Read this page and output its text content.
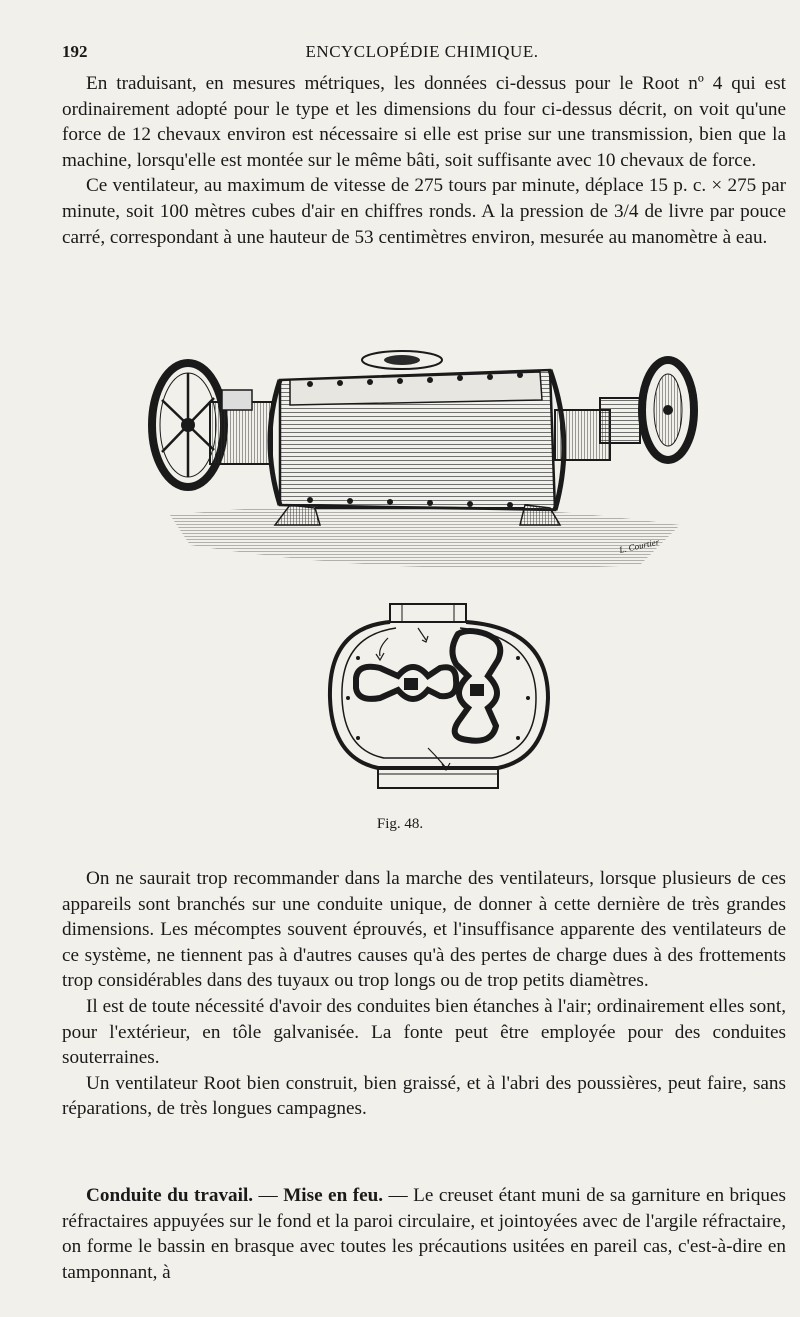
192	ENCYCLOPÉDIE CHIMIQUE.

En traduisant, en mesures métriques, les données ci-dessus pour le Root nº 4 qui est ordinairement adopté pour le type et les dimensions du four ci-dessus décrit, on voit qu'une force de 12 chevaux environ est nécessaire si elle est prise sur une transmission, bien que la machine, lorsqu'elle est montée sur le même bâti, soit suffisante avec 10 chevaux de force.

Ce ventilateur, au maximum de vitesse de 275 tours par minute, déplace 15 p. c. × 275 par minute, soit 100 mètres cubes d'air en chiffres ronds. A la pression de 3/4 de livre par pouce carré, correspondant à une hauteur de 53 centimètres environ, mesurée au manomètre à eau.

L. Courtier
Fig. 48.

On ne saurait trop recommander dans la marche des ventilateurs, lorsque plusieurs de ces appareils sont branchés sur une conduite unique, de donner à cette dernière de très grandes dimensions. Les mécomptes souvent éprouvés, et l'insuffisance apparente des ventilateurs de ce système, ne tiennent pas à d'autres causes qu'à des pertes de charge dues à des frottements trop considérables dans des tuyaux ou trop longs ou de trop petits diamètres.

Il est de toute nécessité d'avoir des conduites bien étanches à l'air; ordinairement elles sont, pour l'extérieur, en tôle galvanisée. La fonte peut être employée pour des conduites souterraines.

Un ventilateur Root bien construit, bien graissé, et à l'abri des poussières, peut faire, sans réparations, de très longues campagnes.

Conduite du travail. — Mise en feu. — Le creuset étant muni de sa garniture en briques réfractaires appuyées sur le fond et la paroi circulaire, et jointoyées avec de l'argile réfractaire, on forme le bassin en brasque avec toutes les précautions usitées en pareil cas, c'est-à-dire en tamponnant, à
